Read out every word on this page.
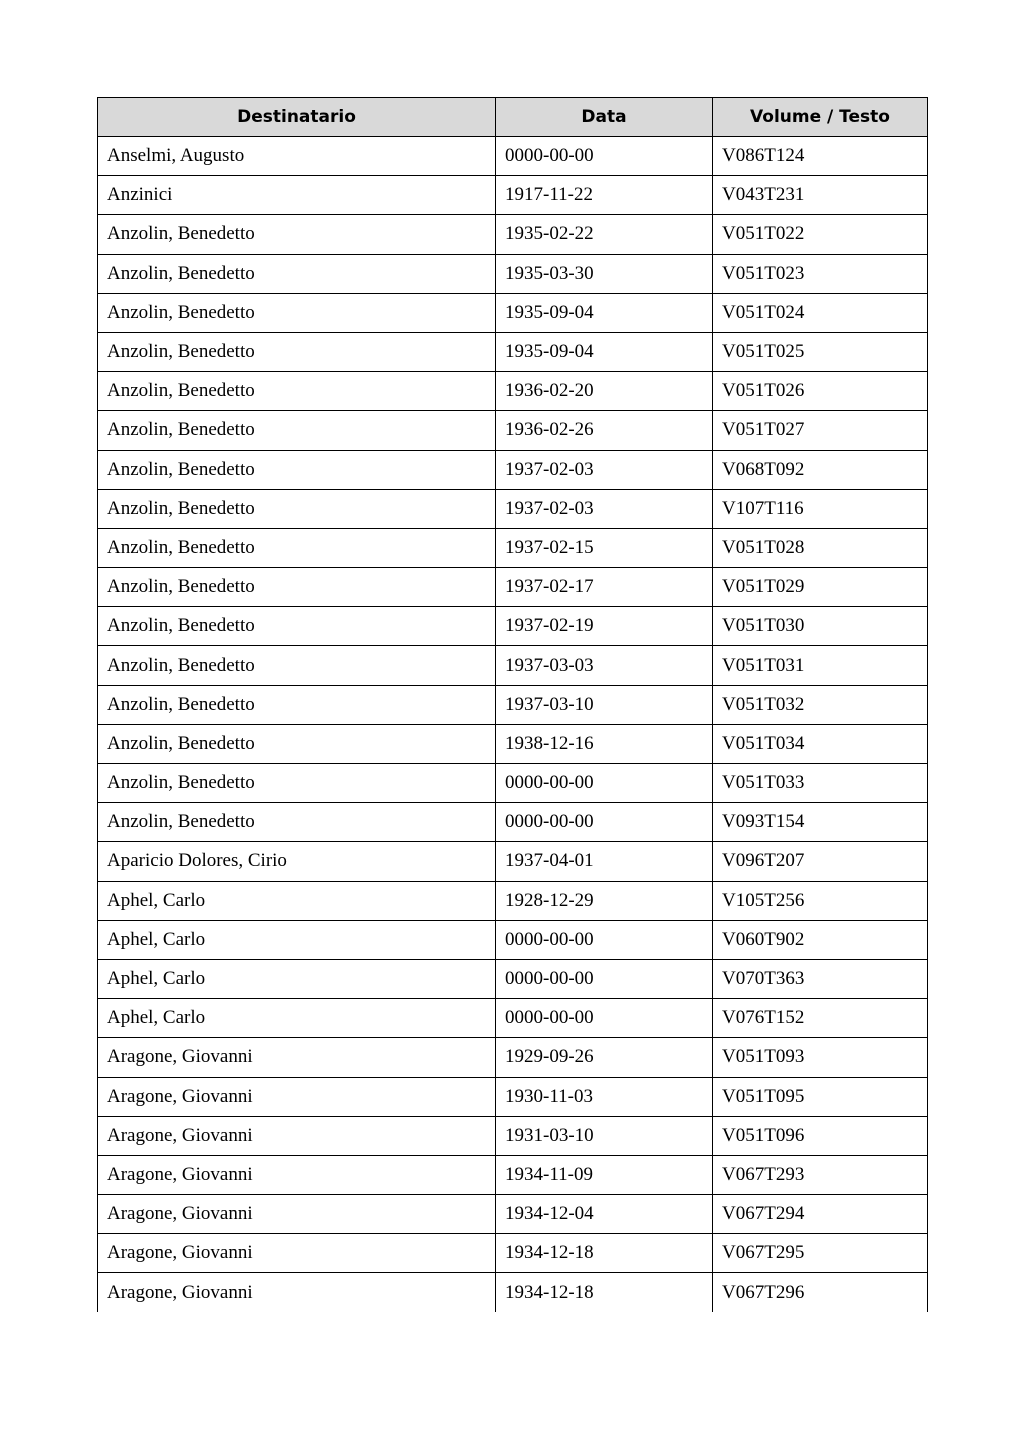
Destinatario	Data	Volume / Testo
Anselmi, Augusto	0000-00-00	V086T124
Anzinici	1917-11-22	V043T231
Anzolin, Benedetto	1935-02-22	V051T022
Anzolin, Benedetto	1935-03-30	V051T023
Anzolin, Benedetto	1935-09-04	V051T024
Anzolin, Benedetto	1935-09-04	V051T025
Anzolin, Benedetto	1936-02-20	V051T026
Anzolin, Benedetto	1936-02-26	V051T027
Anzolin, Benedetto	1937-02-03	V068T092
Anzolin, Benedetto	1937-02-03	V107T116
Anzolin, Benedetto	1937-02-15	V051T028
Anzolin, Benedetto	1937-02-17	V051T029
Anzolin, Benedetto	1937-02-19	V051T030
Anzolin, Benedetto	1937-03-03	V051T031
Anzolin, Benedetto	1937-03-10	V051T032
Anzolin, Benedetto	1938-12-16	V051T034
Anzolin, Benedetto	0000-00-00	V051T033
Anzolin, Benedetto	0000-00-00	V093T154
Aparicio Dolores, Cirio	1937-04-01	V096T207
Aphel, Carlo	1928-12-29	V105T256
Aphel, Carlo	0000-00-00	V060T902
Aphel, Carlo	0000-00-00	V070T363
Aphel, Carlo	0000-00-00	V076T152
Aragone, Giovanni	1929-09-26	V051T093
Aragone, Giovanni	1930-11-03	V051T095
Aragone, Giovanni	1931-03-10	V051T096
Aragone, Giovanni	1934-11-09	V067T293
Aragone, Giovanni	1934-12-04	V067T294
Aragone, Giovanni	1934-12-18	V067T295
Aragone, Giovanni	1934-12-18	V067T296
